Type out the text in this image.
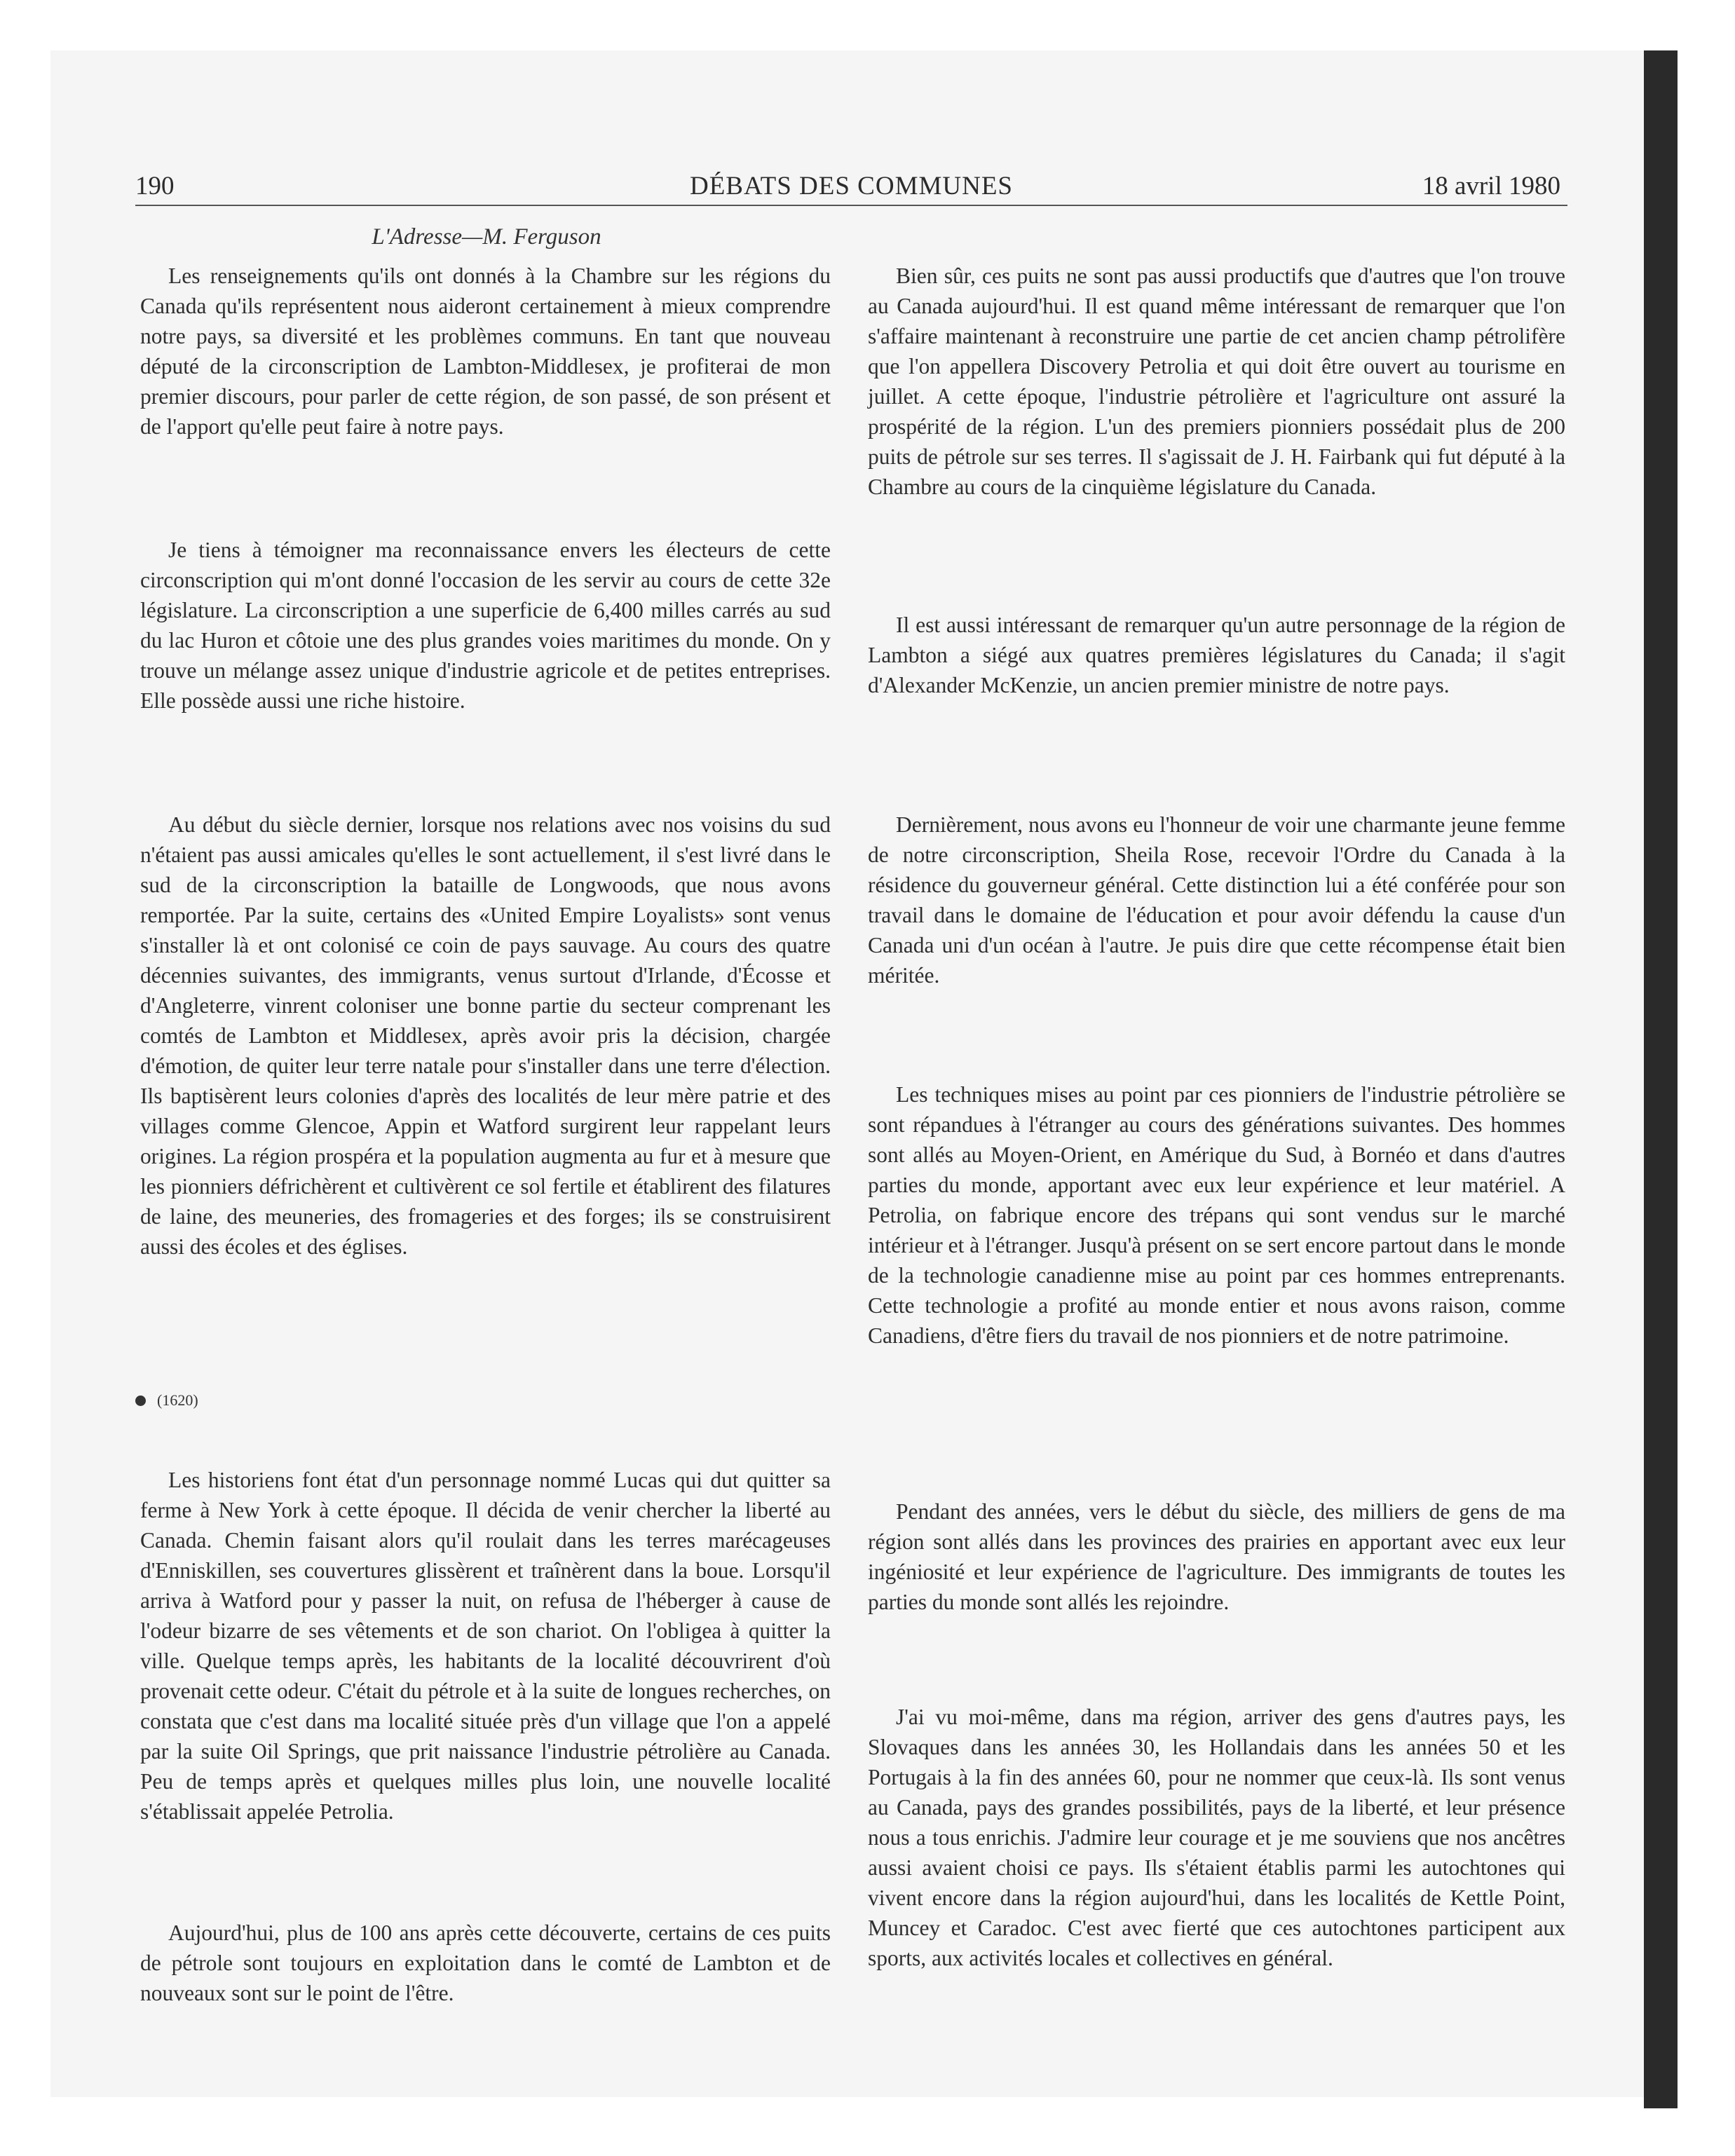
190	DÉBATS DES COMMUNES	18 avril 1980
L'Adresse—M. Ferguson

Les renseignements qu'ils ont donnés à la Chambre sur les régions du Canada qu'ils représentent nous aideront certainement à mieux comprendre notre pays, sa diversité et les problèmes communs. En tant que nouveau député de la circonscription de Lambton-Middlesex, je profiterai de mon premier discours, pour parler de cette région, de son passé, de son présent et de l'apport qu'elle peut faire à notre pays.

Je tiens à témoigner ma reconnaissance envers les électeurs de cette circonscription qui m'ont donné l'occasion de les servir au cours de cette 32e législature. La circonscription a une superficie de 6,400 milles carrés au sud du lac Huron et côtoie une des plus grandes voies maritimes du monde. On y trouve un mélange assez unique d'industrie agricole et de petites entreprises. Elle possède aussi une riche histoire.

Au début du siècle dernier, lorsque nos relations avec nos voisins du sud n'étaient pas aussi amicales qu'elles le sont actuellement, il s'est livré dans le sud de la circonscription la bataille de Longwoods, que nous avons remportée. Par la suite, certains des «United Empire Loyalists» sont venus s'installer là et ont colonisé ce coin de pays sauvage. Au cours des quatre décennies suivantes, des immigrants, venus surtout d'Irlande, d'Écosse et d'Angleterre, vinrent coloniser une bonne partie du secteur comprenant les comtés de Lambton et Middlesex, après avoir pris la décision, chargée d'émotion, de quiter leur terre natale pour s'installer dans une terre d'élection. Ils baptisèrent leurs colonies d'après des localités de leur mère patrie et des villages comme Glencoe, Appin et Watford surgirent leur rappelant leurs origines. La région prospéra et la population augmenta au fur et à mesure que les pionniers défrichèrent et cultivèrent ce sol fertile et établirent des filatures de laine, des meuneries, des fromageries et des forges; ils se construisirent aussi des écoles et des églises.

(1620)

Les historiens font état d'un personnage nommé Lucas qui dut quitter sa ferme à New York à cette époque. Il décida de venir chercher la liberté au Canada. Chemin faisant alors qu'il roulait dans les terres marécageuses d'Enniskillen, ses couvertures glissèrent et traînèrent dans la boue. Lorsqu'il arriva à Watford pour y passer la nuit, on refusa de l'héberger à cause de l'odeur bizarre de ses vêtements et de son chariot. On l'obligea à quitter la ville. Quelque temps après, les habitants de la localité découvrirent d'où provenait cette odeur. C'était du pétrole et à la suite de longues recherches, on constata que c'est dans ma localité située près d'un village que l'on a appelé par la suite Oil Springs, que prit naissance l'industrie pétrolière au Canada. Peu de temps après et quelques milles plus loin, une nouvelle localité s'établissait appelée Petrolia.

Aujourd'hui, plus de 100 ans après cette découverte, certains de ces puits de pétrole sont toujours en exploitation dans le comté de Lambton et de nouveaux sont sur le point de l'être.

Bien sûr, ces puits ne sont pas aussi productifs que d'autres que l'on trouve au Canada aujourd'hui. Il est quand même intéressant de remarquer que l'on s'affaire maintenant à reconstruire une partie de cet ancien champ pétrolifère que l'on appellera Discovery Petrolia et qui doit être ouvert au tourisme en juillet. A cette époque, l'industrie pétrolière et l'agriculture ont assuré la prospérité de la région. L'un des premiers pionniers possédait plus de 200 puits de pétrole sur ses terres. Il s'agissait de J. H. Fairbank qui fut député à la Chambre au cours de la cinquième législature du Canada.

Il est aussi intéressant de remarquer qu'un autre personnage de la région de Lambton a siégé aux quatres premières législatures du Canada; il s'agit d'Alexander McKenzie, un ancien premier ministre de notre pays.

Dernièrement, nous avons eu l'honneur de voir une charmante jeune femme de notre circonscription, Sheila Rose, recevoir l'Ordre du Canada à la résidence du gouverneur général. Cette distinction lui a été conférée pour son travail dans le domaine de l'éducation et pour avoir défendu la cause d'un Canada uni d'un océan à l'autre. Je puis dire que cette récompense était bien méritée.

Les techniques mises au point par ces pionniers de l'industrie pétrolière se sont répandues à l'étranger au cours des générations suivantes. Des hommes sont allés au Moyen-Orient, en Amérique du Sud, à Bornéo et dans d'autres parties du monde, apportant avec eux leur expérience et leur matériel. A Petrolia, on fabrique encore des trépans qui sont vendus sur le marché intérieur et à l'étranger. Jusqu'à présent on se sert encore partout dans le monde de la technologie canadienne mise au point par ces hommes entreprenants. Cette technologie a profité au monde entier et nous avons raison, comme Canadiens, d'être fiers du travail de nos pionniers et de notre patrimoine.

Pendant des années, vers le début du siècle, des milliers de gens de ma région sont allés dans les provinces des prairies en apportant avec eux leur ingéniosité et leur expérience de l'agriculture. Des immigrants de toutes les parties du monde sont allés les rejoindre.

J'ai vu moi-même, dans ma région, arriver des gens d'autres pays, les Slovaques dans les années 30, les Hollandais dans les années 50 et les Portugais à la fin des années 60, pour ne nommer que ceux-là. Ils sont venus au Canada, pays des grandes possibilités, pays de la liberté, et leur présence nous a tous enrichis. J'admire leur courage et je me souviens que nos ancêtres aussi avaient choisi ce pays. Ils s'étaient établis parmi les autochtones qui vivent encore dans la région aujourd'hui, dans les localités de Kettle Point, Muncey et Caradoc. C'est avec fierté que ces autochtones participent aux sports, aux activités locales et collectives en général.
